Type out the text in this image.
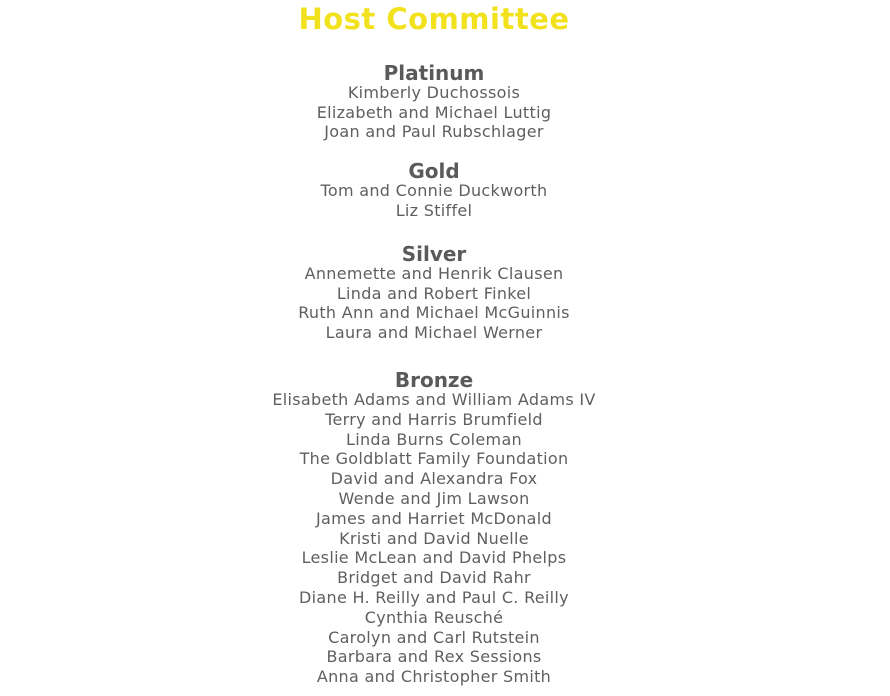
Host Committee
Platinum
Kimberly Duchossois
Elizabeth and Michael Luttig
Joan and Paul Rubschlager
Gold
Tom and Connie Duckworth
Liz Stiffel
Silver
Annemette and Henrik Clausen
Linda and Robert Finkel
Ruth Ann and Michael McGuinnis
Laura and Michael Werner
Bronze
Elisabeth Adams and William Adams IV
Terry and Harris Brumfield
Linda Burns Coleman
The Goldblatt Family Foundation
David and Alexandra Fox
Wende and Jim Lawson
James and Harriet McDonald
Kristi and David Nuelle
Leslie McLean and David Phelps
Bridget and David Rahr
Diane H. Reilly and Paul C. Reilly
Cynthia Reusché
Carolyn and Carl Rutstein
Barbara and Rex Sessions
Anna and Christopher Smith
